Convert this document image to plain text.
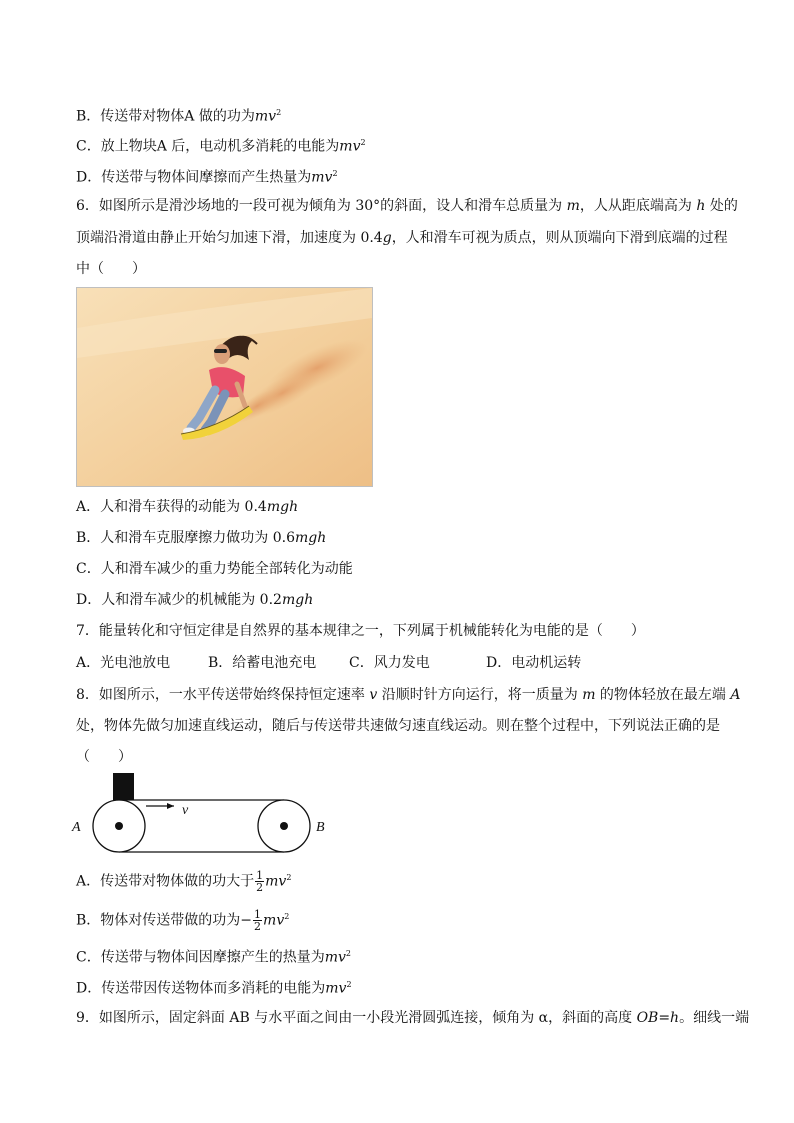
B．传送带对物体A 做的功为$mv^2$
C．放上物块A 后，电动机多消耗的电能为$mv^2$
D．传送带与物体间摩擦而产生热量为$mv^2$
6．如图所示是滑沙场地的一段可视为倾角为 30°的斜面，设人和滑车总质量为 m，人从距底端高为 h 处的
顶端沿滑道由静止开始匀加速下滑，加速度为 0.4g，人和滑车可视为质点，则从顶端向下滑到底端的过程
中（　　）
A．人和滑车获得的动能为 0.4mgh
B．人和滑车克服摩擦力做功为 0.6mgh
C．人和滑车减少的重力势能全部转化为动能
D．人和滑车减少的机械能为 0.2mgh
7．能量转化和守恒定律是自然界的基本规律之一，下列属于机械能转化为电能的是（　　）
A．光电池放电	B．给蓄电池充电 C．风力发电	D．电动机运转
8．如图所示，一水平传送带始终保持恒定速率 v 沿顺时针方向运行，将一质量为 m 的物体轻放在最左端 A
处，物体先做匀加速直线运动，随后与传送带共速做匀速直线运动。则在整个过程中，下列说法正确的是
（　　）
v
A	B
A．传送带对物体做的功大于 $\frac{1}{2} mv^2$
B．物体对传送带做的功为− $\frac{1}{2} mv^2$
C．传送带与物体间因摩擦产生的热量为$mv^2$
D．传送带因传送物体而多消耗的电能为$mv^2$
9．如图所示，固定斜面 AB 与水平面之间由一小段光滑圆弧连接，倾角为 α，斜面的高度 OB=h。细线一端
